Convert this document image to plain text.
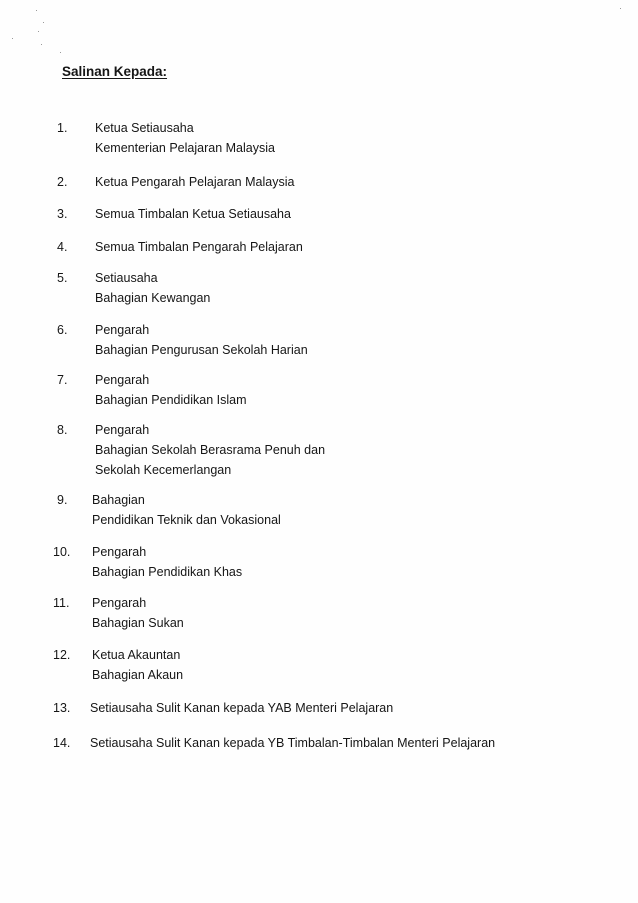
Salinan Kepada:
1.	Ketua Setiausaha
Kementerian Pelajaran Malaysia
2.	Ketua Pengarah Pelajaran Malaysia
3.	Semua Timbalan Ketua Setiausaha
4.	Semua Timbalan Pengarah Pelajaran
5.	Setiausaha
Bahagian Kewangan
6.	Pengarah
Bahagian Pengurusan Sekolah Harian
7.	Pengarah
Bahagian Pendidikan Islam
8.	Pengarah
Bahagian Sekolah Berasrama Penuh dan
Sekolah Kecemerlangan
9.	Bahagian
Pendidikan Teknik dan Vokasional
10.	Pengarah
Bahagian Pendidikan Khas
11.	Pengarah
Bahagian Sukan
12.	Ketua Akauntan
Bahagian Akaun
13.	Setiausaha Sulit Kanan kepada YAB Menteri Pelajaran
14.	Setiausaha Sulit Kanan kepada YB Timbalan-Timbalan Menteri Pelajaran
